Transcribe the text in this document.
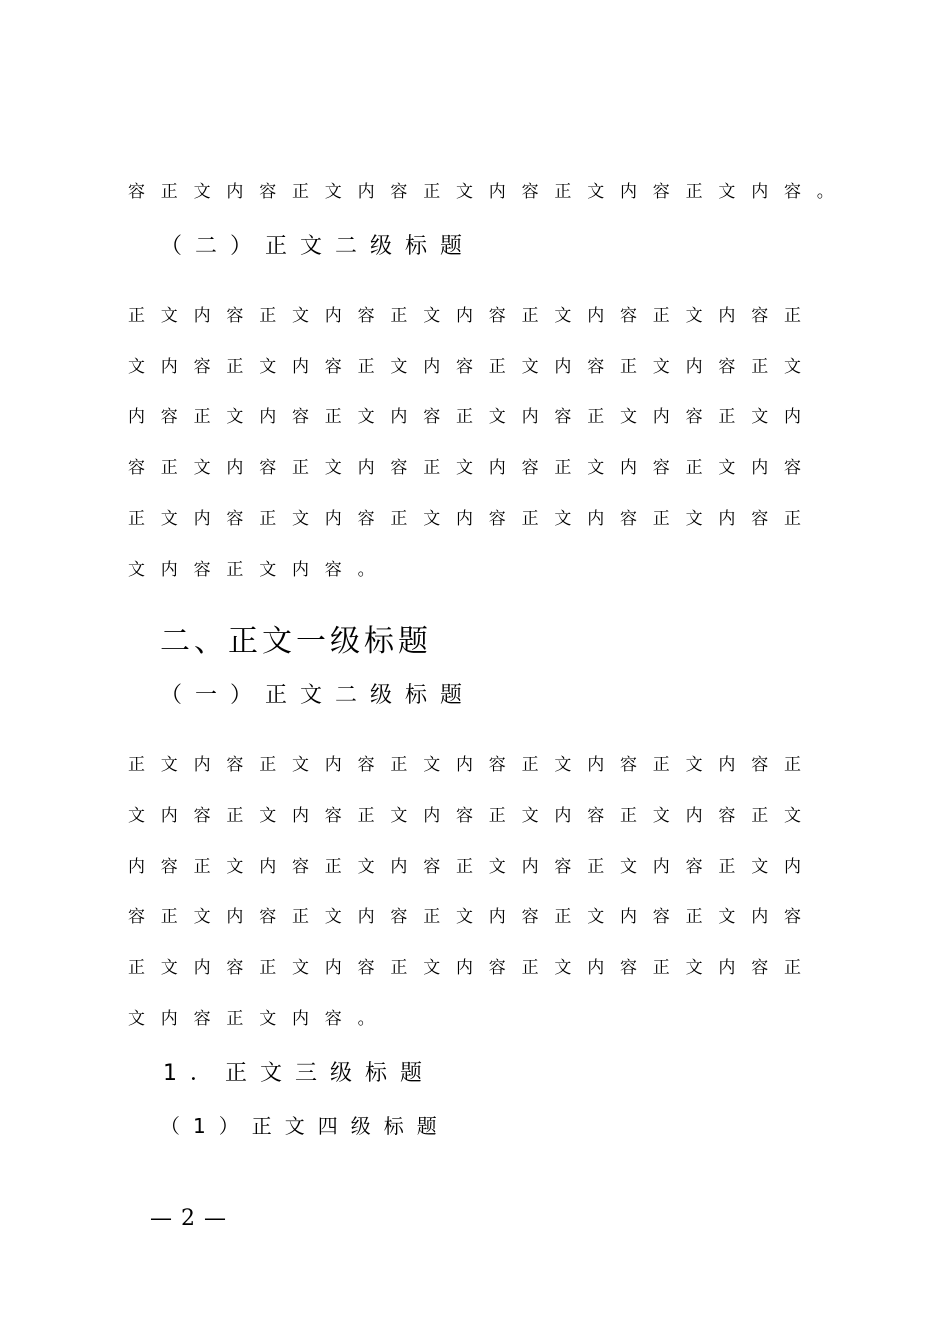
容正文内容正文内容正文内容正文内容正文内容。
（二）正文二级标题
正文内容正文内容正文内容正文内容正文内容正
文内容正文内容正文内容正文内容正文内容正文
内容正文内容正文内容正文内容正文内容正文内
容正文内容正文内容正文内容正文内容正文内容
正文内容正文内容正文内容正文内容正文内容正
文内容正文内容。
二、正文一级标题
（一）正文二级标题
正文内容正文内容正文内容正文内容正文内容正
文内容正文内容正文内容正文内容正文内容正文
内容正文内容正文内容正文内容正文内容正文内
容正文内容正文内容正文内容正文内容正文内容
正文内容正文内容正文内容正文内容正文内容正
文内容正文内容。
1．正文三级标题
（1）正文四级标题
— 2 —
